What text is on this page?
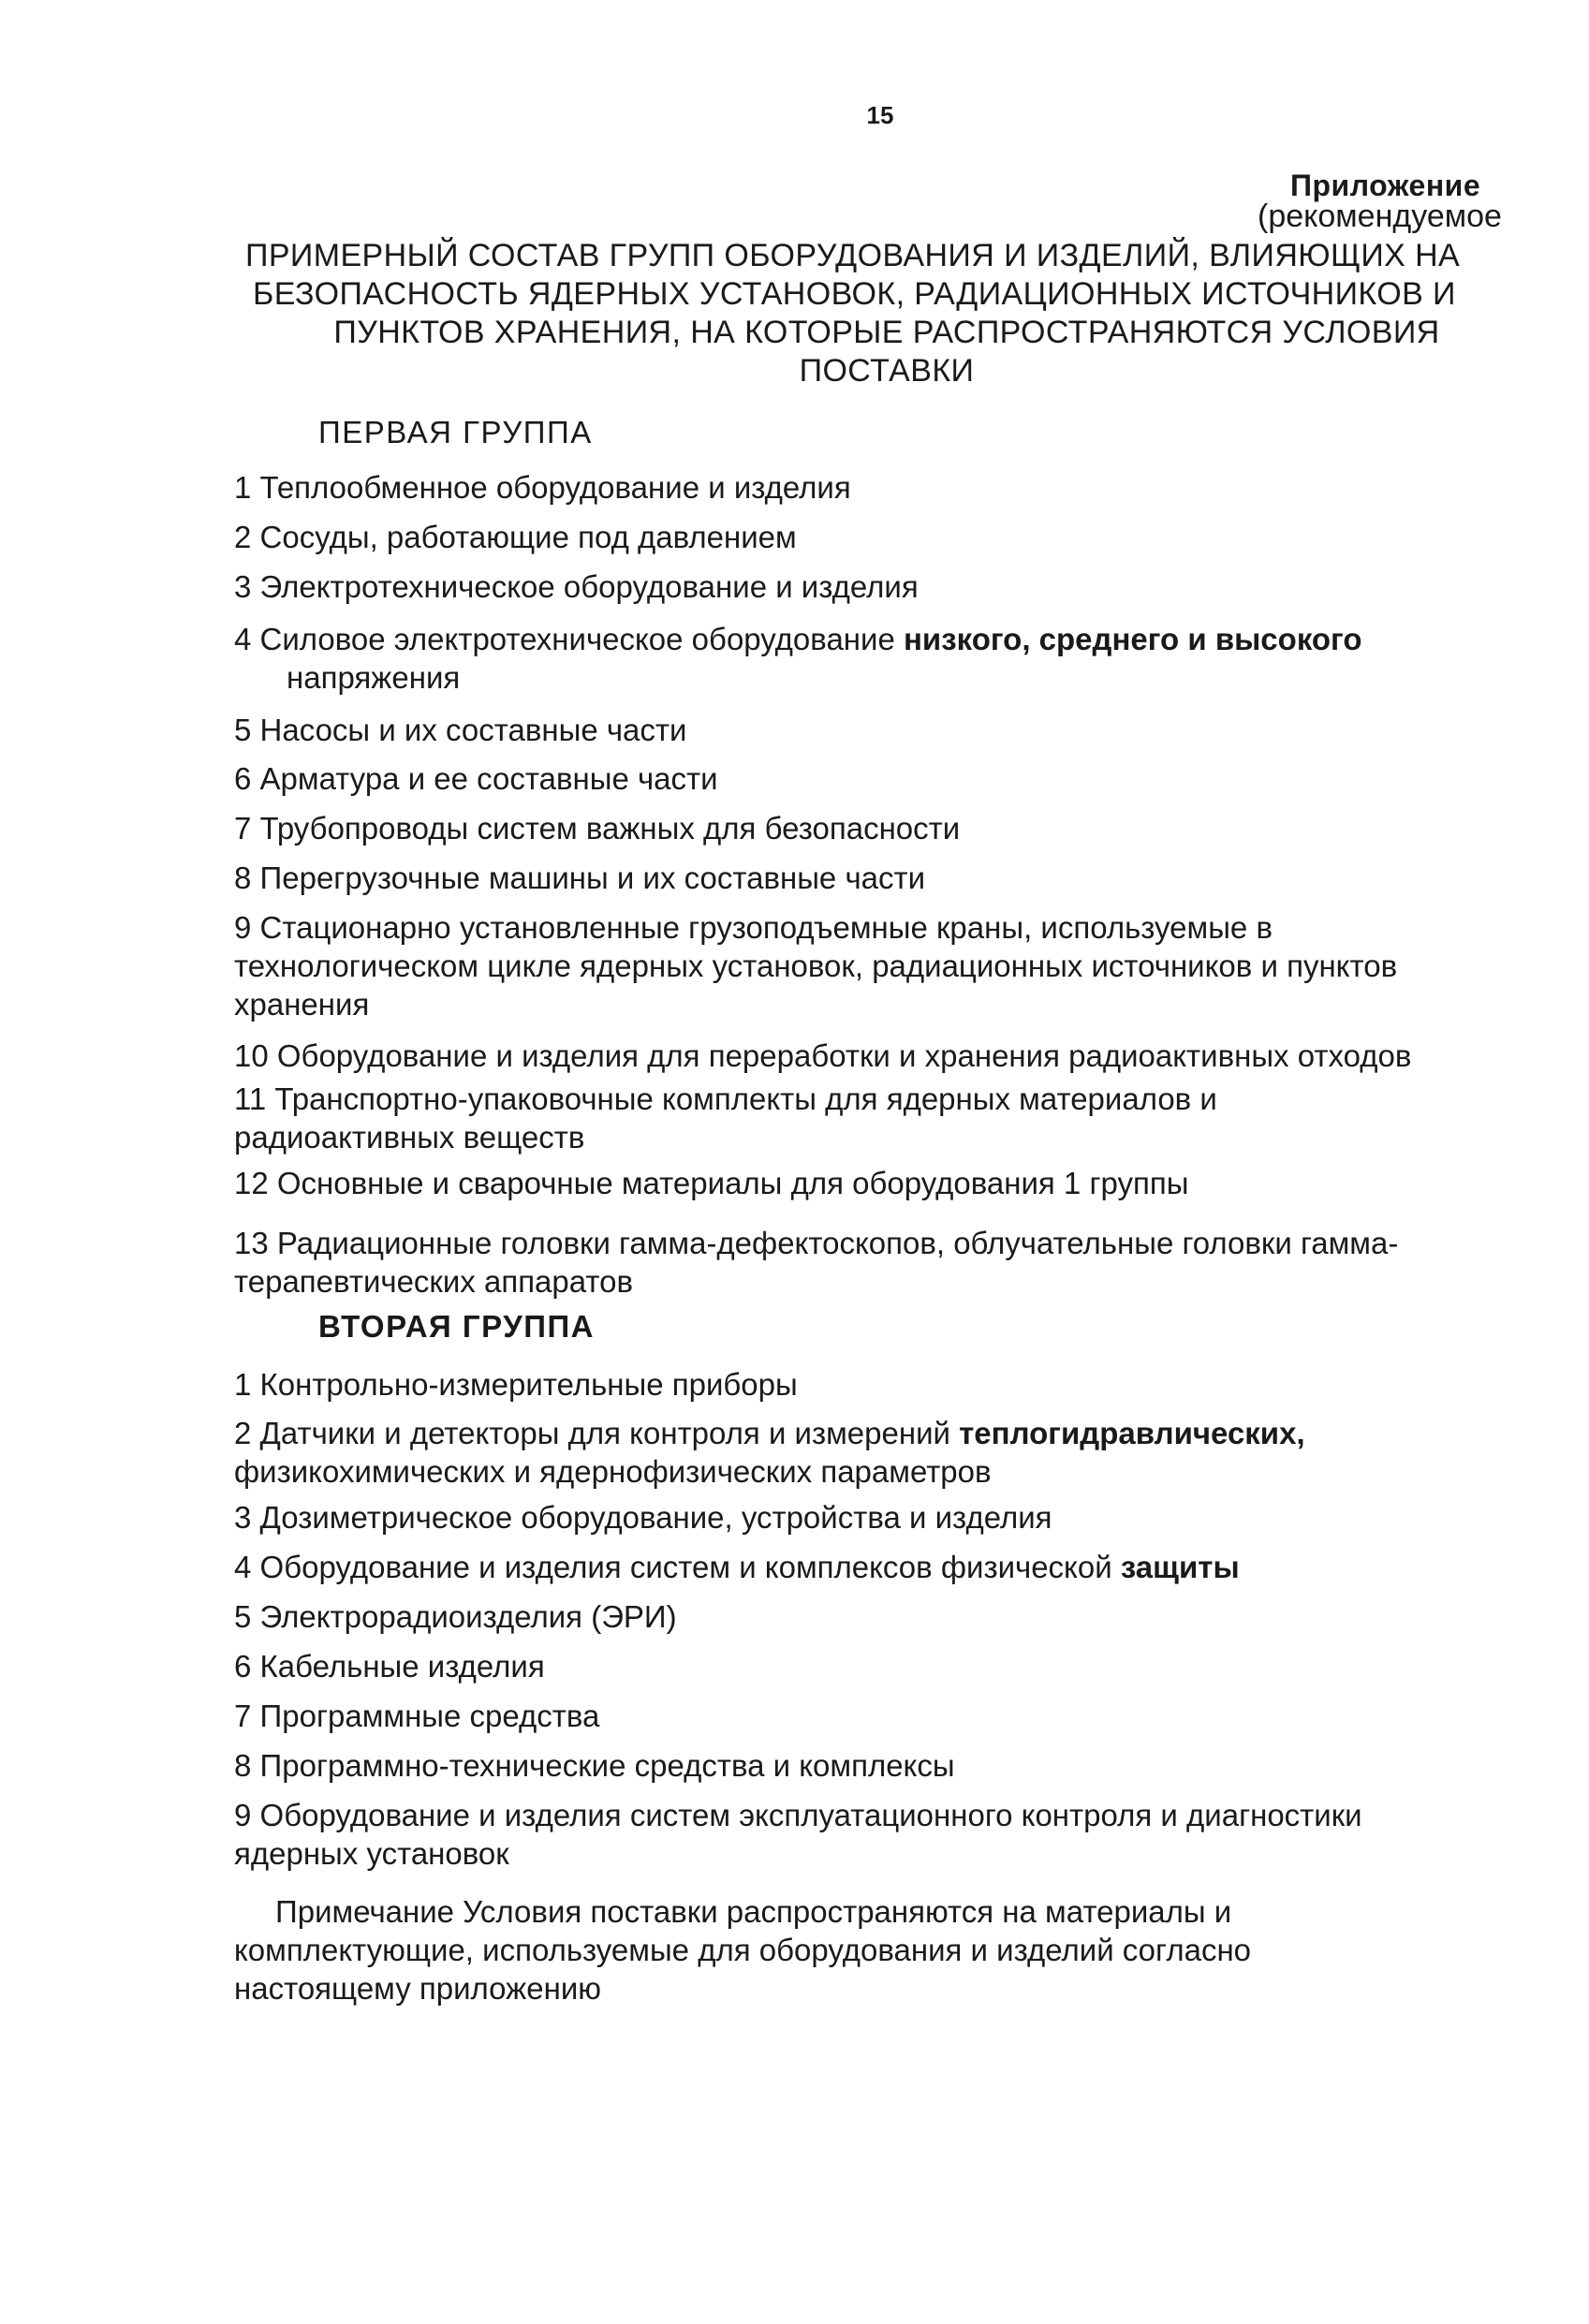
15
Приложение
(рекомендуемое
ПРИМЕРНЫЙ СОСТАВ ГРУПП ОБОРУДОВАНИЯ И ИЗДЕЛИЙ, ВЛИЯЮЩИХ НА
БЕЗОПАСНОСТЬ ЯДЕРНЫХ УСТАНОВОК, РАДИАЦИОННЫХ ИСТОЧНИКОВ И
ПУНКТОВ ХРАНЕНИЯ, НА КОТОРЫЕ РАСПРОСТРАНЯЮТСЯ УСЛОВИЯ
ПОСТАВКИ
ПЕРВАЯ ГРУППА
1 Теплообменное оборудование и изделия
2 Сосуды, работающие под давлением
3 Электротехническое оборудование и изделия
4 Силовое электротехническое оборудование низкого, среднего и высокого
напряжения
5 Насосы и их составные части
6 Арматура и ее составные части
7 Трубопроводы систем важных для безопасности
8 Перегрузочные машины и их составные части
9 Стационарно установленные грузоподъемные краны, используемые в
технологическом цикле ядерных установок, радиационных источников и пунктов
хранения
10 Оборудование и изделия для переработки и хранения радиоактивных отходов
11 Транспортно-упаковочные комплекты для ядерных материалов и
радиоактивных веществ
12 Основные и сварочные материалы для оборудования 1 группы
13 Радиационные головки гамма-дефектоскопов, облучательные головки гамма-
терапевтических аппаратов
ВТОРАЯ ГРУППА
1 Контрольно-измерительные приборы
2 Датчики и детекторы для контроля и измерений теплогидравлических,
физикохимических и ядернофизических параметров
3 Дозиметрическое оборудование, устройства и изделия
4 Оборудование и изделия систем и комплексов физической защиты
5 Электрорадиоизделия (ЭРИ)
6 Кабельные изделия
7 Программные средства
8 Программно-технические средства и комплексы
9 Оборудование и изделия систем эксплуатационного контроля и диагностики
ядерных установок
Примечание Условия поставки распространяются на материалы и
комплектующие, используемые для оборудования и изделий согласно
настоящему приложению
